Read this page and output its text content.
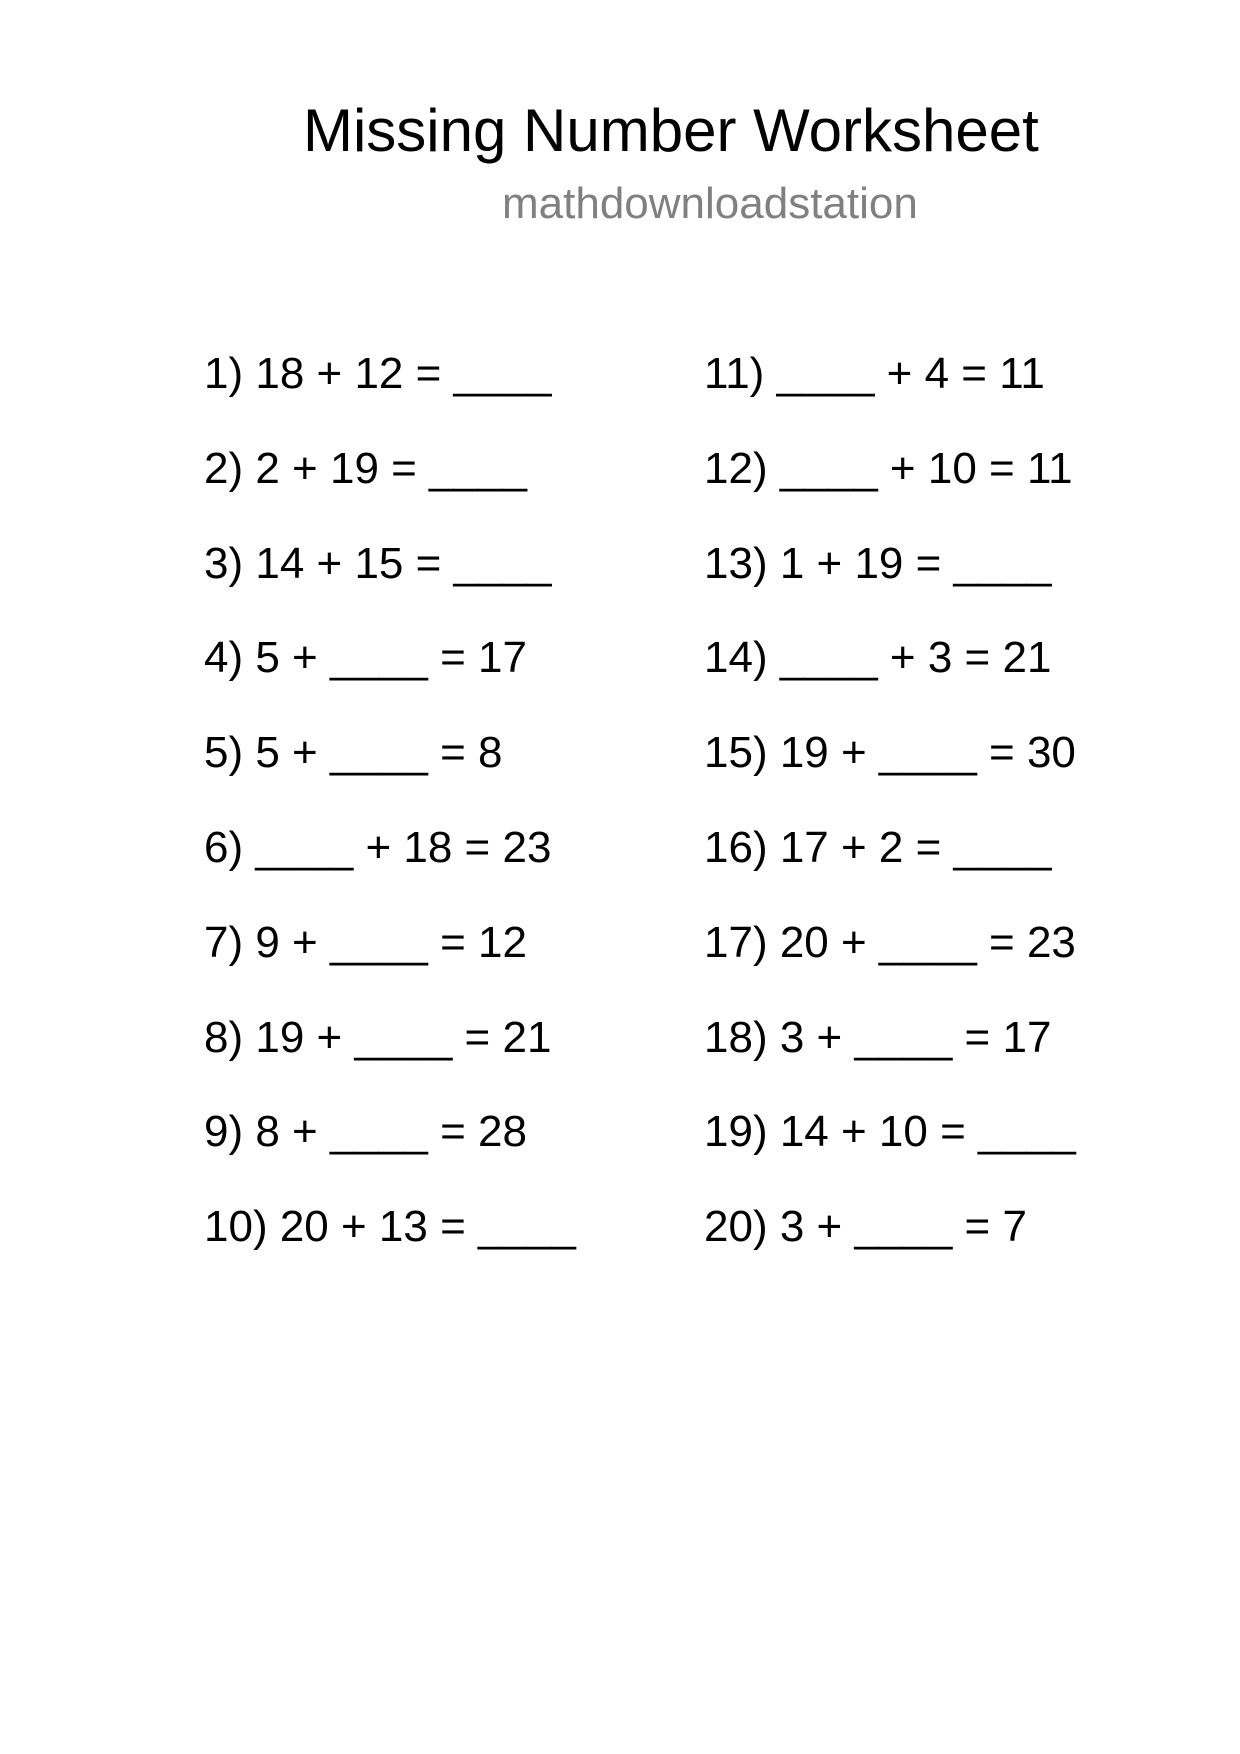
Missing Number Worksheet
mathdownloadstation
1) 18 + 12 = ____
2) 2 + 19 = ____
3) 14 + 15 = ____
4) 5 + ____ = 17
5) 5 + ____ = 8
6) ____ + 18 = 23
7) 9 + ____ = 12
8) 19 + ____ = 21
9) 8 + ____ = 28
10) 20 + 13 = ____
11) ____ + 4 = 11
12) ____ + 10 = 11
13) 1 + 19 = ____
14) ____ + 3 = 21
15) 19 + ____ = 30
16) 17 + 2 = ____
17) 20 + ____ = 23
18) 3 + ____ = 17
19) 14 + 10 = ____
20) 3 + ____ = 7
